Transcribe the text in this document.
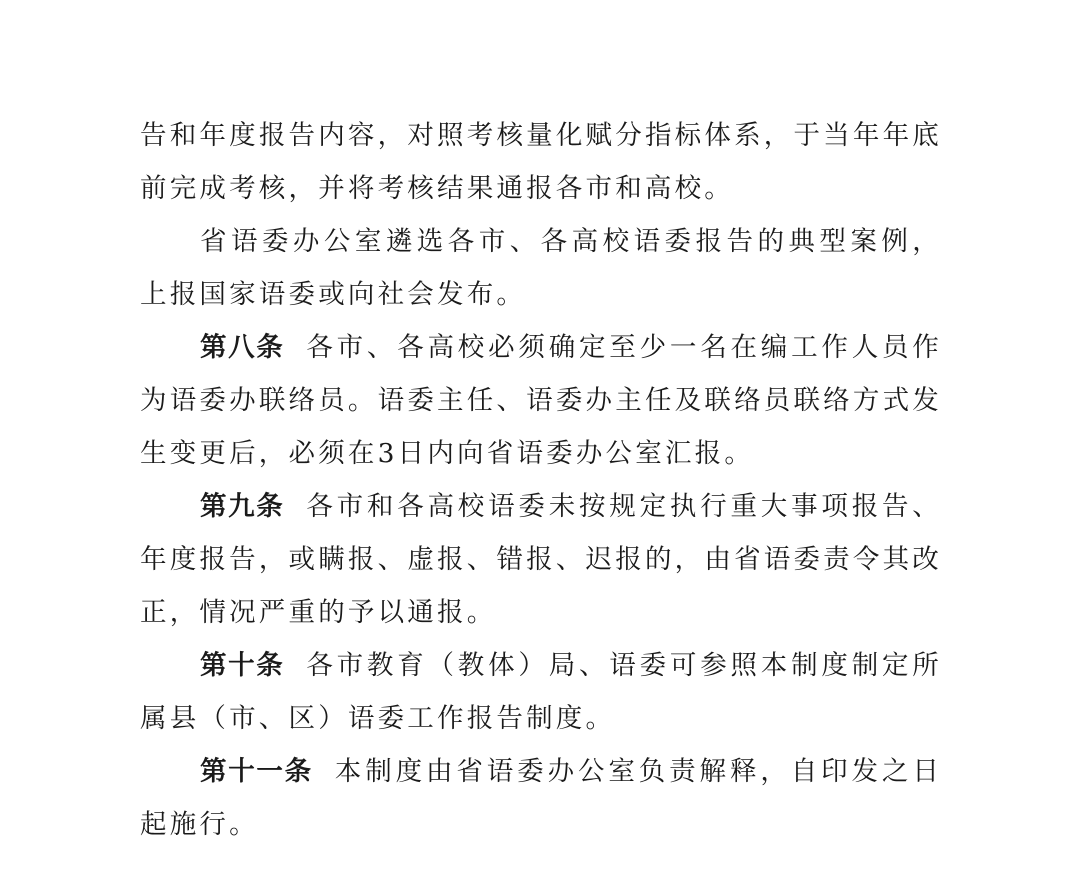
告和年度报告内容，对照考核量化赋分指标体系，于当年年底前完成考核，并将考核结果通报各市和高校。

省语委办公室遴选各市、各高校语委报告的典型案例，上报国家语委或向社会发布。

第八条 各市、各高校必须确定至少一名在编工作人员作为语委办联络员。语委主任、语委办主任及联络员联络方式发生变更后，必须在3日内向省语委办公室汇报。

第九条 各市和各高校语委未按规定执行重大事项报告、年度报告，或瞒报、虚报、错报、迟报的，由省语委责令其改正，情况严重的予以通报。

第十条 各市教育（教体）局、语委可参照本制度制定所属县（市、区）语委工作报告制度。

第十一条 本制度由省语委办公室负责解释，自印发之日起施行。
